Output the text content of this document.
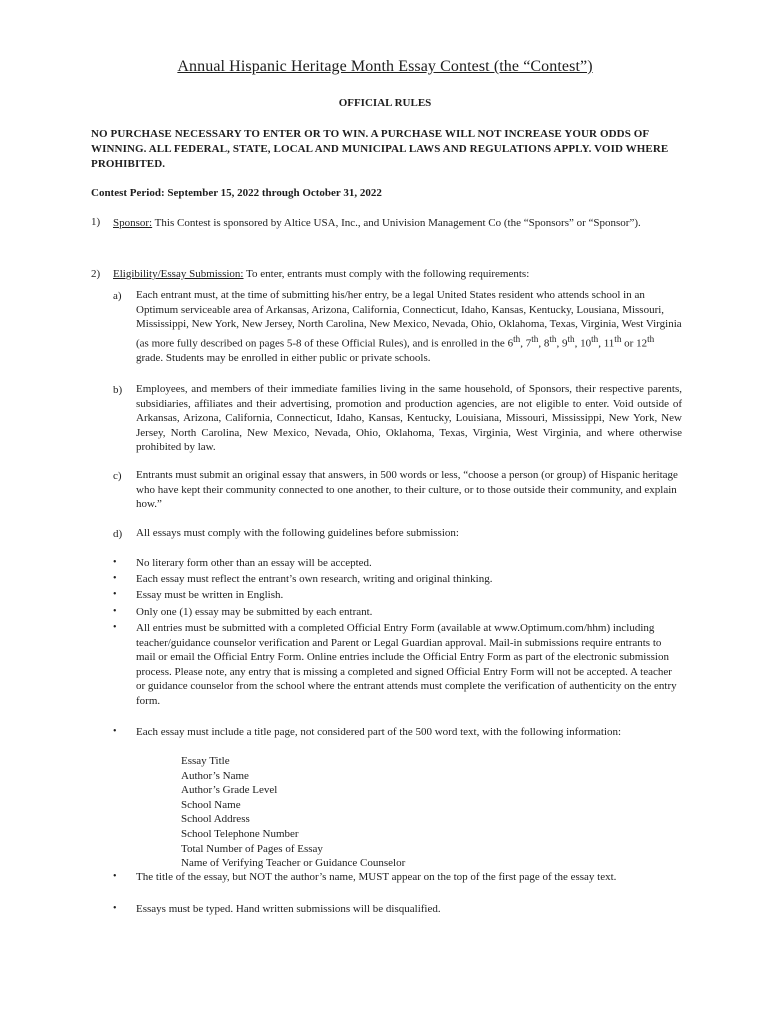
Annual Hispanic Heritage Month Essay Contest (the “Contest”)
OFFICIAL RULES
NO PURCHASE NECESSARY TO ENTER OR TO WIN. A PURCHASE WILL NOT INCREASE YOUR ODDS OF WINNING. ALL FEDERAL, STATE, LOCAL AND MUNICIPAL LAWS AND REGULATIONS APPLY. VOID WHERE PROHIBITED.
Contest Period: September 15, 2022 through October 31, 2022
1) Sponsor: This Contest is sponsored by Altice USA, Inc., and Univision Management Co (the “Sponsors” or “Sponsor”).
2) Eligibility/Essay Submission: To enter, entrants must comply with the following requirements:
a) Each entrant must, at the time of submitting his/her entry, be a legal United States resident who attends school in an Optimum serviceable area of Arkansas, Arizona, California, Connecticut, Idaho, Kansas, Kentucky, Lousiana, Missouri, Mississippi, New York, New Jersey, North Carolina, New Mexico, Nevada, Ohio, Oklahoma, Texas, Virginia, West Virginia (as more fully described on pages 5-8 of these Official Rules), and is enrolled in the 6th, 7th, 8th, 9th, 10th, 11th or 12th grade. Students may be enrolled in either public or private schools.
b) Employees, and members of their immediate families living in the same household, of Sponsors, their respective parents, subsidiaries, affiliates and their advertising, promotion and production agencies, are not eligible to enter. Void outside of Arkansas, Arizona, California, Connecticut, Idaho, Kansas, Kentucky, Louisiana, Missouri, Mississippi, New York, New Jersey, North Carolina, New Mexico, Nevada, Ohio, Oklahoma, Texas, Virginia, West Virginia, and where otherwise prohibited by law.
c) Entrants must submit an original essay that answers, in 500 words or less, “choose a person (or group) of Hispanic heritage who have kept their community connected to one another, to their culture, or to those outside their community, and explain how.”
d) All essays must comply with the following guidelines before submission:
•	No literary form other than an essay will be accepted.
•	Each essay must reflect the entrant’s own research, writing and original thinking.
•	Essay must be written in English.
•	Only one (1) essay may be submitted by each entrant.
•	All entries must be submitted with a completed Official Entry Form (available at www.Optimum.com/hhm) including teacher/guidance counselor verification and Parent or Legal Guardian approval. Mail-in submissions require entrants to mail or email the Official Entry Form. Online entries include the Official Entry Form as part of the electronic submission process. Please note, any entry that is missing a completed and signed Official Entry Form will not be accepted. A teacher or guidance counselor from the school where the entrant attends must complete the verification of authenticity on the entry form.
•	Each essay must include a title page, not considered part of the 500 word text, with the following information:
Essay Title
Author’s Name
Author’s Grade Level
School Name
School Address
School Telephone Number
Total Number of Pages of Essay
Name of Verifying Teacher or Guidance Counselor
•	The title of the essay, but NOT the author’s name, MUST appear on the top of the first page of the essay text.
•	Essays must be typed. Hand written submissions will be disqualified.
